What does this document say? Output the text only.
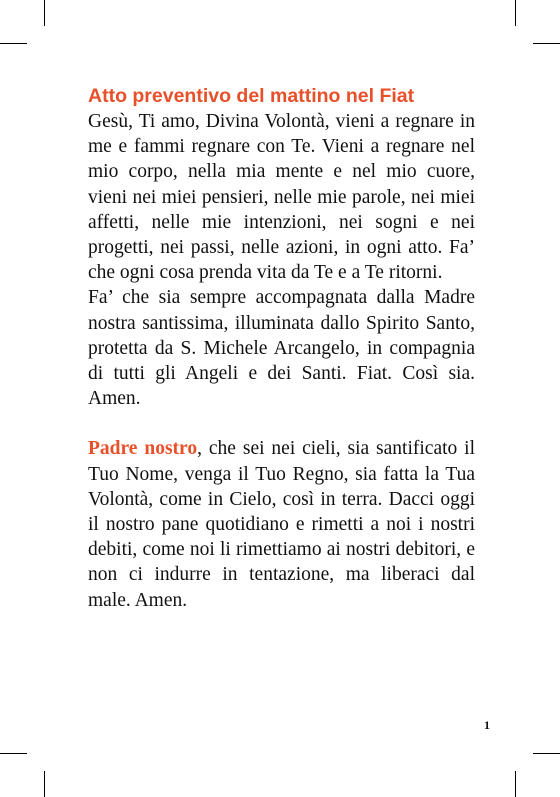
Atto preventivo del mattino nel Fiat

Gesù, Ti amo, Divina Volontà, vieni a regnare in me e fammi regnare con Te. Vieni a regnare nel mio corpo, nella mia mente e nel mio cuore, vieni nei miei pensieri, nelle mie parole, nei miei affetti, nelle mie intenzioni, nei sogni e nei progetti, nei passi, nelle azioni, in ogni atto. Fa’ che ogni cosa prenda vita da Te e a Te ritorni.

Fa’ che sia sempre accompagnata dalla Madre nostra santissima, illuminata dallo Spirito Santo, protetta da S. Michele Arcangelo, in compagnia di tutti gli Angeli e dei Santi. Fiat. Così sia. Amen.

Padre nostro, che sei nei cieli, sia santificato il Tuo Nome, venga il Tuo Regno, sia fatta la Tua Volontà, come in Cielo, così in terra. Dacci oggi il nostro pane quotidiano e rimetti a noi i nostri debiti, come noi li rimettiamo ai nostri debitori, e non ci indurre in tentazione, ma liberaci dal male. Amen.

1
